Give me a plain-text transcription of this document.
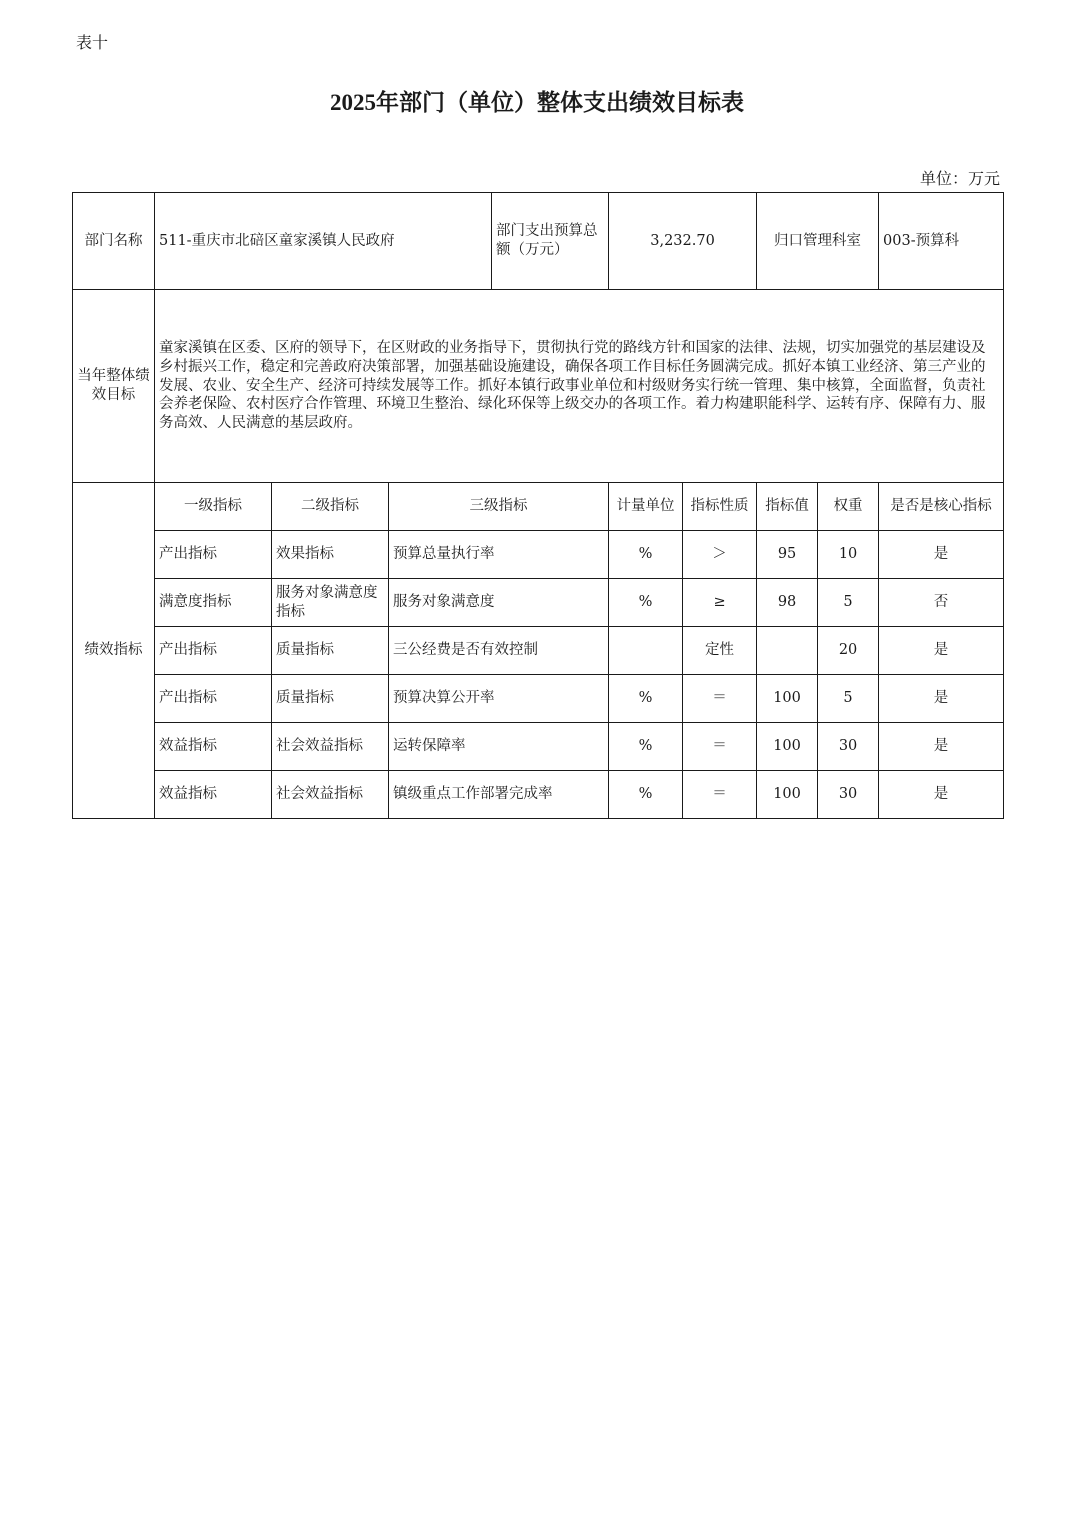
表十
2025年部门（单位）整体支出绩效目标表
单位：万元
部门名称	511-重庆市北碚区童家溪镇人民政府			部门支出预算总额（万元）	3,232.70		归口管理科室		003-预算科
当年整体绩效目标	童家溪镇在区委、区府的领导下，在区财政的业务指导下，贯彻执行党的路线方针和国家的法律、法规，切实加强党的基层建设及乡村振兴工作，稳定和完善政府决策部署，加强基础设施建设，确保各项工作目标任务圆满完成。抓好本镇工业经济、第三产业的发展、农业、安全生产、经济可持续发展等工作。抓好本镇行政事业单位和村级财务实行统一管理、集中核算，全面监督，负责社会养老保险、农村医疗合作管理、环境卫生整治、绿化环保等上级交办的各项工作。着力构建职能科学、运转有序、保障有力、服务高效、人民满意的基层政府。								
绩效指标	一级指标	二级指标	三级指标		计量单位	指标性质	指标值	权重	是否是核心指标
	产出指标	效果指标	预算总量执行率		%	＞	95	10	是
	满意度指标	服务对象满意度指标	服务对象满意度		%	≥	98	5	否
	产出指标	质量指标	三公经费是否有效控制			定性		20	是
	产出指标	质量指标	预算决算公开率		%	＝	100	5	是
	效益指标	社会效益指标	运转保障率		%	＝	100	30	是
	效益指标	社会效益指标	镇级重点工作部署完成率		%	＝	100	30	是
